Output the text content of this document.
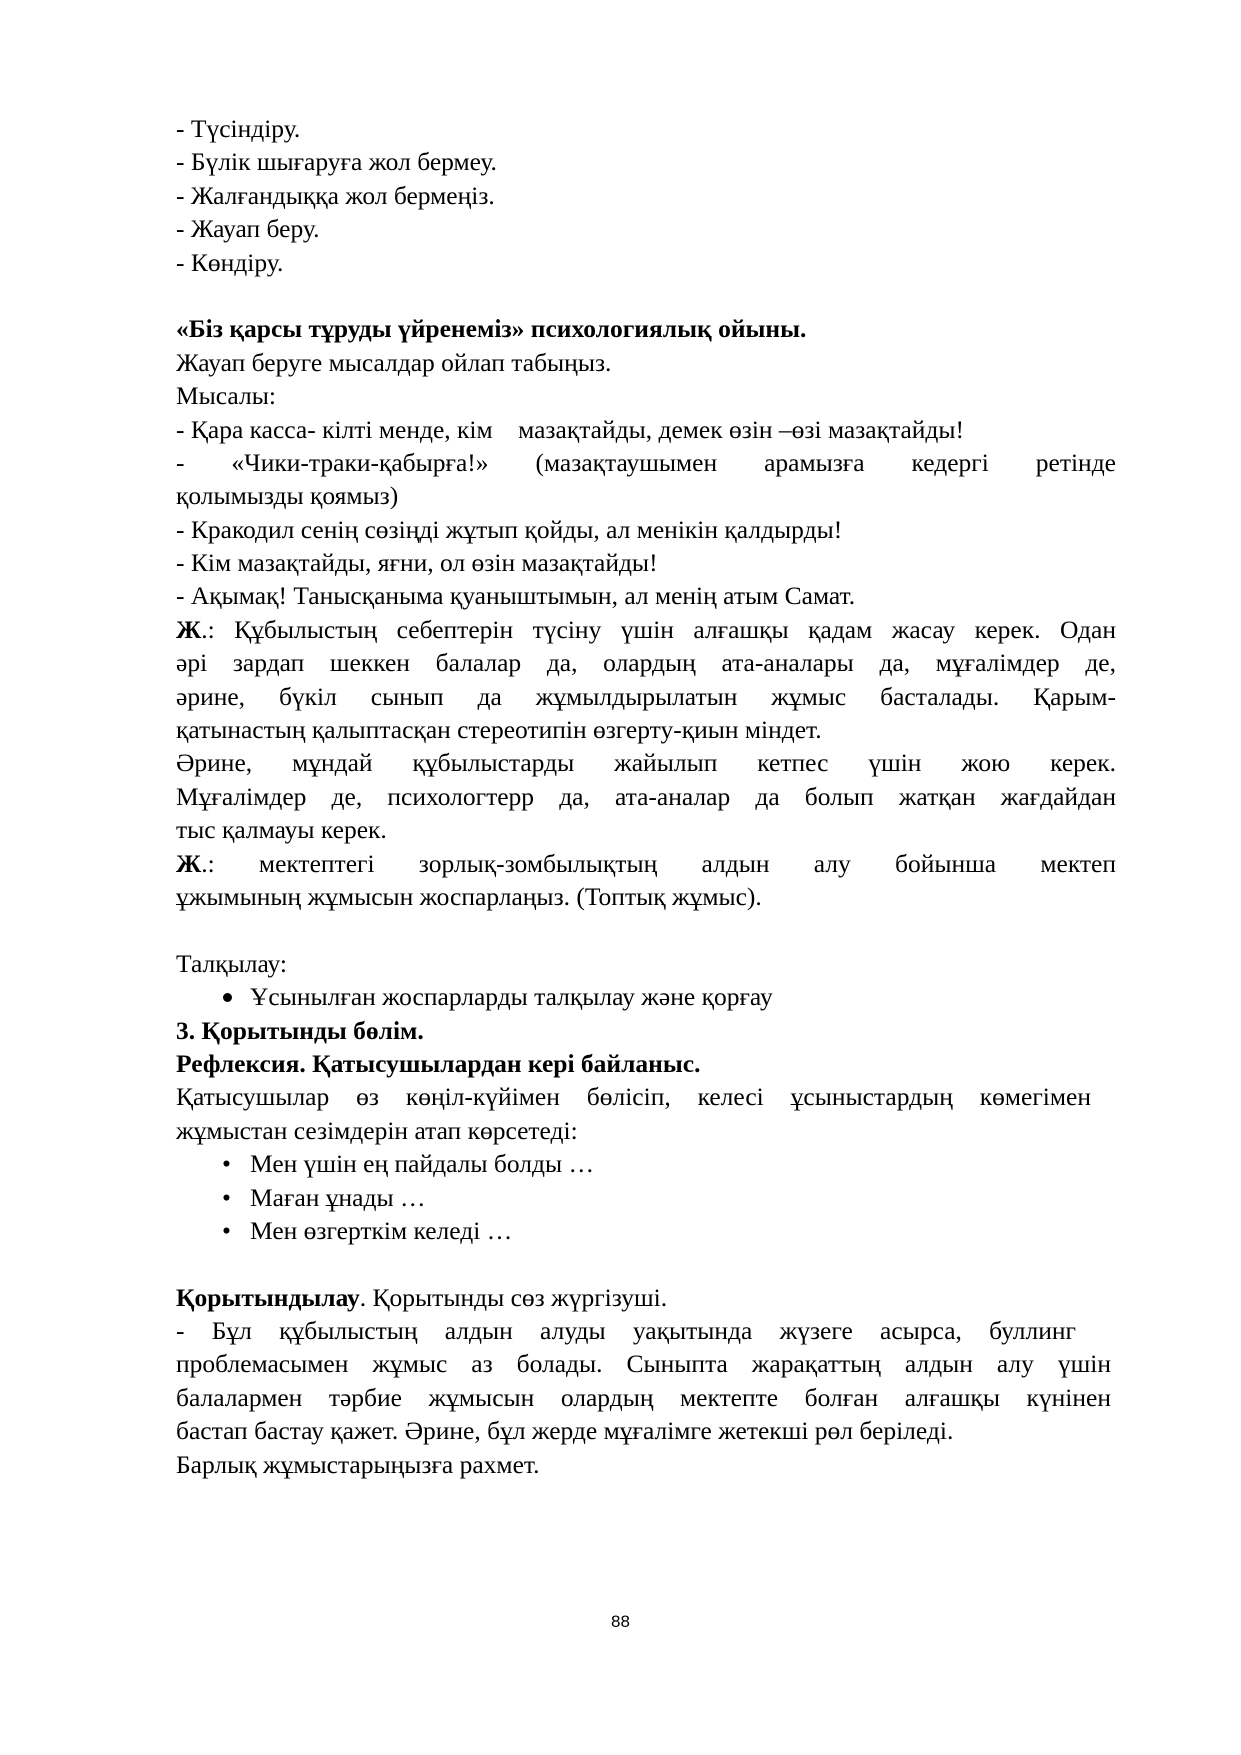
- Түсіндіру.
- Бүлік шығаруға жол бермеу.
- Жалғандыққа жол бермеңіз.
- Жауап беру.
- Көндіру.
«Біз қарсы тұруды үйренеміз» психологиялық ойыны.
Жауап беруге мысалдар ойлап табыңыз.
Мысалы:
- Қара касса- кілті менде, кім    мазақтайды, демек өзін –өзі мазақтайды!
- «Чики-траки-қабырға!» (мазақтаушымен арамызға кедергі ретінде
қолымызды қоямыз)
- Кракодил сенің сөзіңді жұтып қойды, ал менікін қалдырды!
- Кім мазақтайды, яғни, ол өзін мазақтайды!
- Ақымақ! Танысқаныма қуаныштымын, ал менің атым Самат.
Ж.: Құбылыстың себептерін түсіну үшін алғашқы қадам жасау керек. Одан
әрі зардап шеккен балалар да, олардың ата-аналары да, мұғалімдер де,
әрине, бүкіл сынып да жұмылдырылатын жұмыс басталады. Қарым-
қатынастың қалыптасқан стереотипін өзгерту-қиын міндет.
Әрине, мұндай құбылыстарды жайылып кетпес үшін жою керек.
Мұғалімдер де, психологтерр да, ата-аналар да болып жатқан жағдайдан
тыс қалмауы керек.
Ж.: мектептегі зорлық-зомбылықтың алдын алу бойынша мектеп
ұжымының жұмысын жоспарлаңыз. (Топтық жұмыс).
Талқылау:
Ұсынылған жоспарларды талқылау және қорғау
3. Қорытынды бөлім.
Рефлексия. Қатысушылардан кері байланыс.
Қатысушылар өз көңіл-күйімен бөлісіп, келесі ұсыныстардың көмегімен
жұмыстан сезімдерін атап көрсетеді:
• Мен үшін ең пайдалы болды …
• Маған ұнады …
• Мен өзгерткім келеді …
Қорытындылау. Қорытынды сөз жүргізуші.
- Бұл құбылыстың алдын алуды уақытында жүзеге асырса, буллинг
проблемасымен жұмыс аз болады. Сыныпта жарақаттың алдын алу үшін
балалармен тәрбие жұмысын олардың мектепте болған алғашқы күнінен
бастап бастау қажет. Әрине, бұл жерде мұғалімге жетекші рөл беріледі.
Барлық жұмыстарыңызға рахмет.
88
